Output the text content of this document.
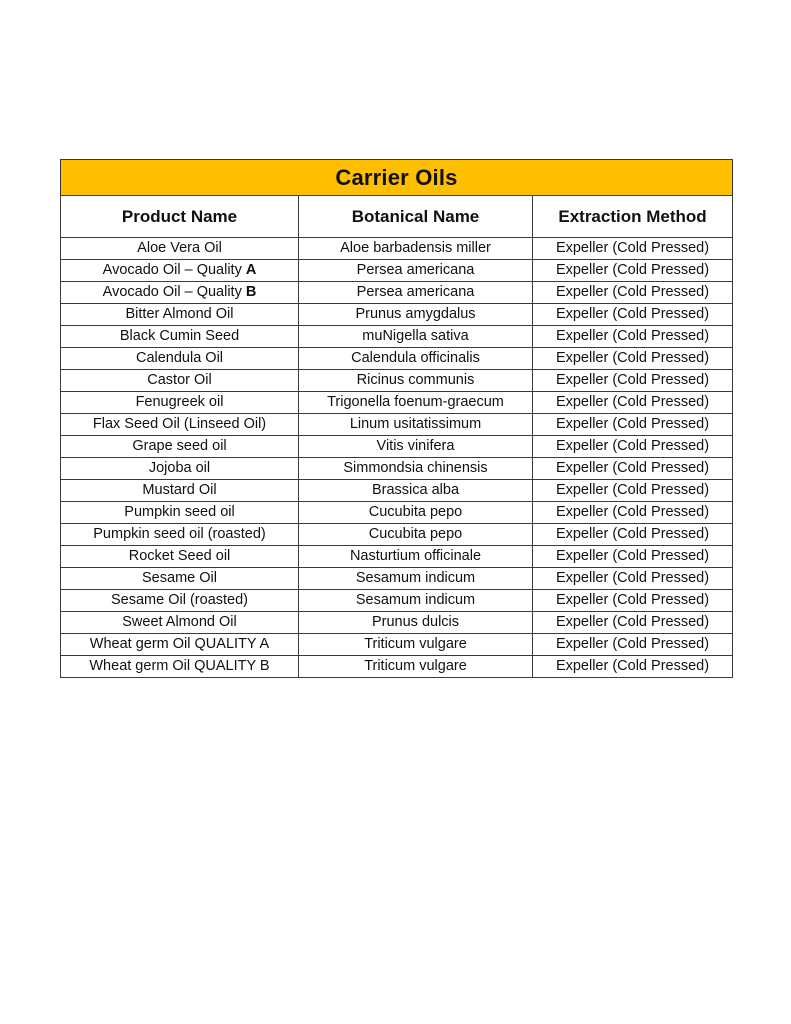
Carrier Oils		
Product Name	Botanical Name	Extraction Method
Aloe Vera Oil	Aloe barbadensis miller	Expeller (Cold Pressed)
Avocado Oil – Quality A	Persea americana	Expeller (Cold Pressed)
Avocado Oil – Quality B	Persea americana	Expeller (Cold Pressed)
Bitter Almond Oil	Prunus amygdalus	Expeller (Cold Pressed)
Black Cumin Seed	muNigella sativa	Expeller (Cold Pressed)
Calendula Oil	Calendula officinalis	Expeller (Cold Pressed)
Castor Oil	Ricinus communis	Expeller (Cold Pressed)
Fenugreek oil	Trigonella foenum-graecum	Expeller (Cold Pressed)
Flax Seed Oil (Linseed Oil)	Linum usitatissimum	Expeller (Cold Pressed)
Grape seed oil	Vitis vinifera	Expeller (Cold Pressed)
Jojoba oil	Simmondsia chinensis	Expeller (Cold Pressed)
Mustard Oil	Brassica alba	Expeller (Cold Pressed)
Pumpkin seed oil	Cucubita pepo	Expeller (Cold Pressed)
Pumpkin seed oil (roasted)	Cucubita pepo	Expeller (Cold Pressed)
Rocket Seed oil	Nasturtium officinale	Expeller (Cold Pressed)
Sesame Oil	Sesamum indicum	Expeller (Cold Pressed)
Sesame Oil (roasted)	Sesamum indicum	Expeller (Cold Pressed)
Sweet Almond Oil	Prunus dulcis	Expeller (Cold Pressed)
Wheat germ Oil QUALITY A	Triticum vulgare	Expeller (Cold Pressed)
Wheat germ Oil QUALITY B	Triticum vulgare	Expeller (Cold Pressed)
